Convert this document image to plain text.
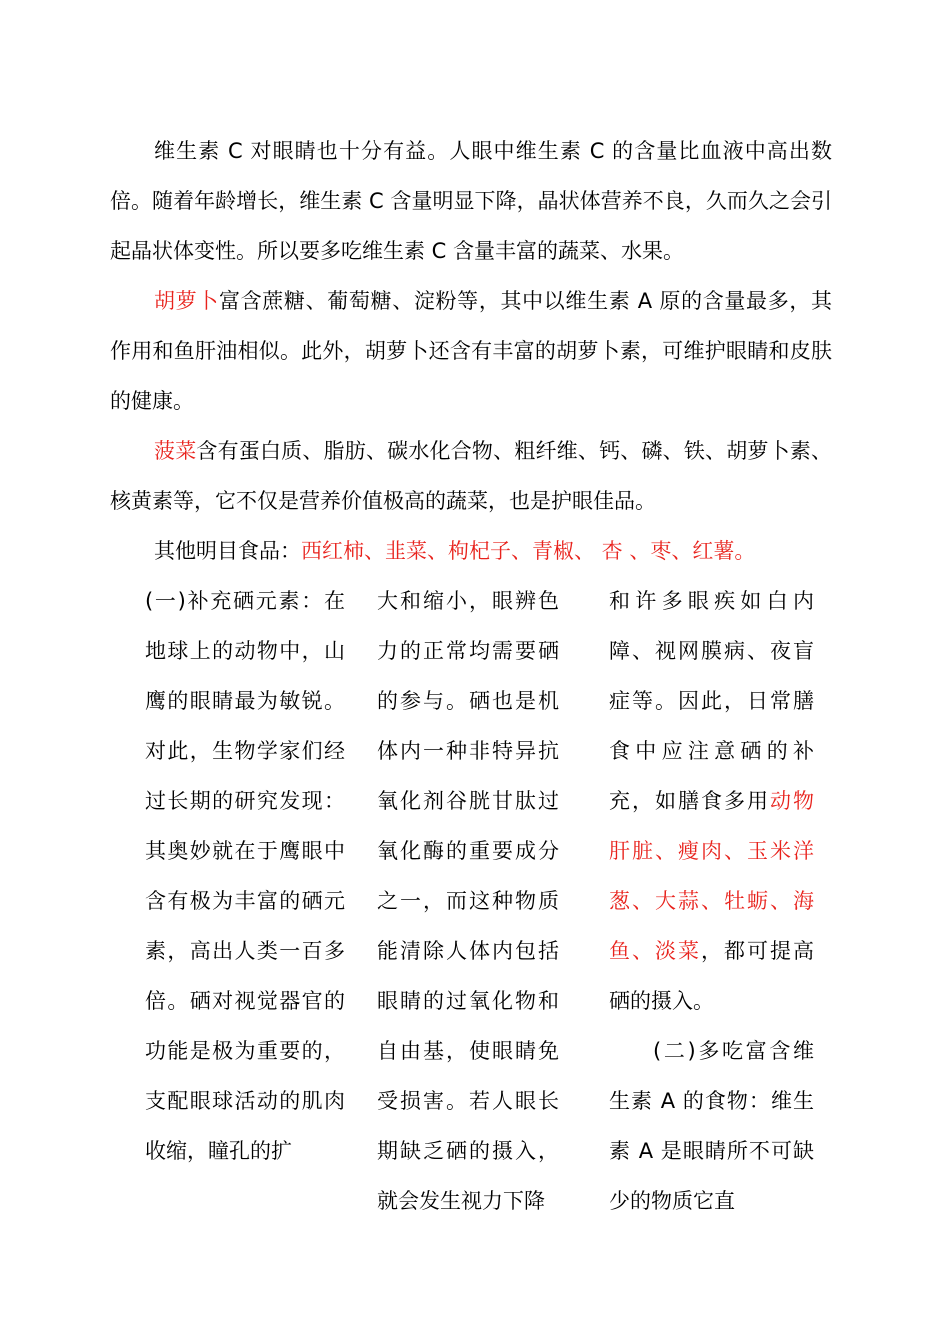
维生素 C 对眼睛也十分有益。人眼中维生素 C 的含量比血液中高出数倍。随着年龄增长，维生素 C 含量明显下降，晶状体营养不良，久而久之会引起晶状体变性。所以要多吃维生素 C 含量丰富的蔬菜、水果。

胡萝卜富含蔗糖、葡萄糖、淀粉等，其中以维生素 A 原的含量最多，其作用和鱼肝油相似。此外，胡萝卜还含有丰富的胡萝卜素，可维护眼睛和皮肤的健康。

菠菜含有蛋白质、脂肪、碳水化合物、粗纤维、钙、磷、铁、胡萝卜素、核黄素等，它不仅是营养价值极高的蔬菜，也是护眼佳品。

其他明目食品：西红柿、韭菜、枸杞子、青椒、 杏 、枣、红薯。

(一)补充硒元素：在地球上的动物中，山鹰的眼睛最为敏锐。对此，生物学家们经过长期的研究发现：其奥妙就在于鹰眼中含有极为丰富的硒元素，高出人类一百多倍。硒对视觉器官的功能是极为重要的，支配眼球活动的肌肉收缩，瞳孔的扩
大和缩小，眼辨色力的正常均需要硒的参与。硒也是机体内一种非特异抗氧化剂谷胱甘肽过氧化酶的重要成分之一，而这种物质能清除人体内包括眼睛的过氧化物和自由基，使眼睛免受损害。若人眼长期缺乏硒的摄入，就会发生视力下降
和许多眼疾如白内障、视网膜病、夜盲症等。因此，日常膳食中应注意硒的补充，如膳食多用动物肝脏、瘦肉、玉米洋葱、大蒜、牡蛎、海鱼、淡菜，都可提高硒的摄入。
(二)多吃富含维生素 A 的食物：维生素 A 是眼睛所不可缺少的物质它直
